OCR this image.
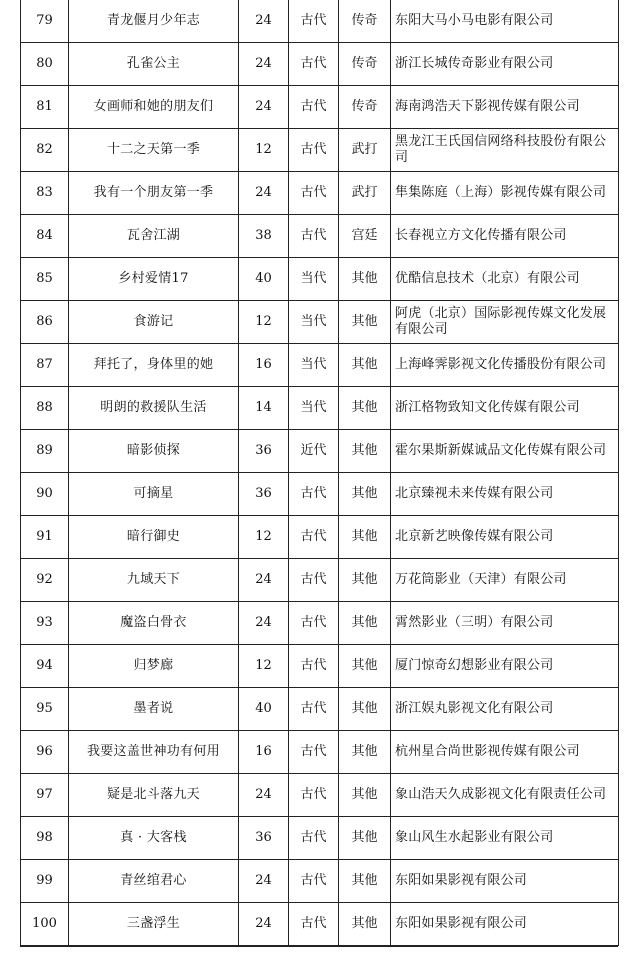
79	青龙偃月少年志	24	古代	传奇	东阳大马小马电影有限公司
80	孔雀公主	24	古代	传奇	浙江长城传奇影业有限公司
81	女画师和她的朋友们	24	古代	传奇	海南鸿浩天下影视传媒有限公司
82	十二之天第一季	12	古代	武打	黑龙江王氏国信网络科技股份有限公司
83	我有一个朋友第一季	24	古代	武打	隼集陈庭（上海）影视传媒有限公司
84	瓦舍江湖	38	古代	宫廷	长春视立方文化传播有限公司
85	乡村爱情17	40	当代	其他	优酷信息技术（北京）有限公司
86	食游记	12	当代	其他	阿虎（北京）国际影视传媒文化发展有限公司
87	拜托了，身体里的她	16	当代	其他	上海峰霁影视文化传播股份有限公司
88	明朗的救援队生活	14	当代	其他	浙江格物致知文化传媒有限公司
89	暗影侦探	36	近代	其他	霍尔果斯新媒诚品文化传媒有限公司
90	可摘星	36	古代	其他	北京臻视未来传媒有限公司
91	暗行御史	12	古代	其他	北京新艺映像传媒有限公司
92	九域天下	24	古代	其他	万花筒影业（天津）有限公司
93	魔盗白骨衣	24	古代	其他	霄然影业（三明）有限公司
94	归梦廊	12	古代	其他	厦门惊奇幻想影业有限公司
95	墨者说	40	古代	其他	浙江娱丸影视文化有限公司
96	我要这盖世神功有何用	16	古代	其他	杭州星合尚世影视传媒有限公司
97	疑是北斗落九天	24	古代	其他	象山浩天久成影视文化有限责任公司
98	真 · 大客栈	36	古代	其他	象山风生水起影业有限公司
99	青丝绾君心	24	古代	其他	东阳如果影视有限公司
100	三盏浮生	24	古代	其他	东阳如果影视有限公司
